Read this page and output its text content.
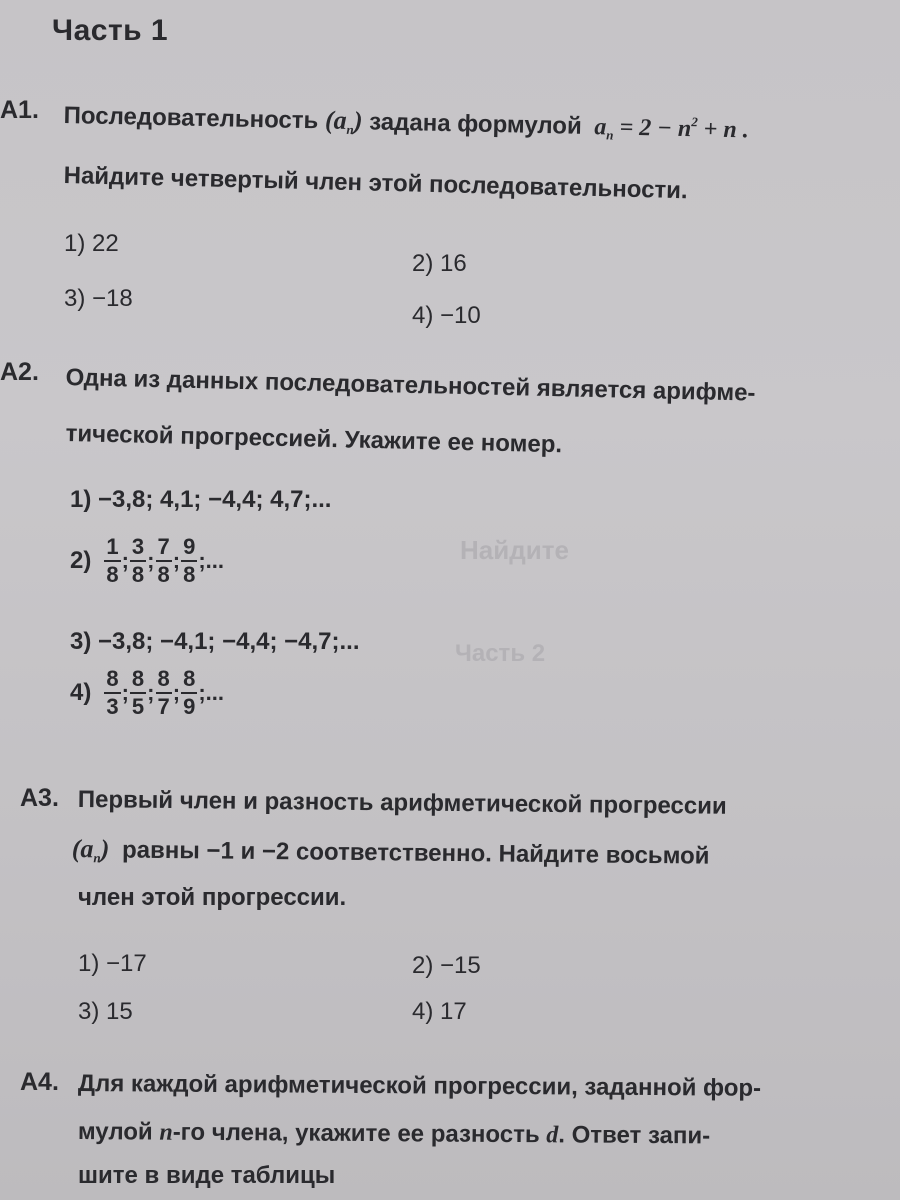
Часть 1
Найдите
Часть 2
А1. Последовательность $(a_n)$ задана формулой $a_n = 2 - n^2 + n$ .
Найдите четвертый член этой последовательности.
1) 22
2) 16
3) −18
4) −10
А2. Одна из данных последовательностей является арифме-
тической прогрессией. Укажите ее номер.
1) −3,8; 4,1; −4,4; 4,7;...
$2) \frac{1}{8}$ ; $\frac{3}{8}$ ; $\frac{7}{8}$ ; $\frac{9}{8}$ ;...
3) −3,8; −4,1; −4,4; −4,7;...
$4) \frac{8}{3}$ ; $\frac{8}{5}$ ; $\frac{8}{7}$ ; $\frac{8}{9}$ ;...
А3. Первый член и разность арифметической прогрессии
$(a_n)$ равны −1 и −2 соответственно. Найдите восьмой
член этой прогрессии.
1) −17	2) −15
3) 15	4) 17
А4. Для каждой арифметической прогрессии, заданной фор-
мулой n-го члена, укажите ее разность d. Ответ запи-
шите в виде таблицы
